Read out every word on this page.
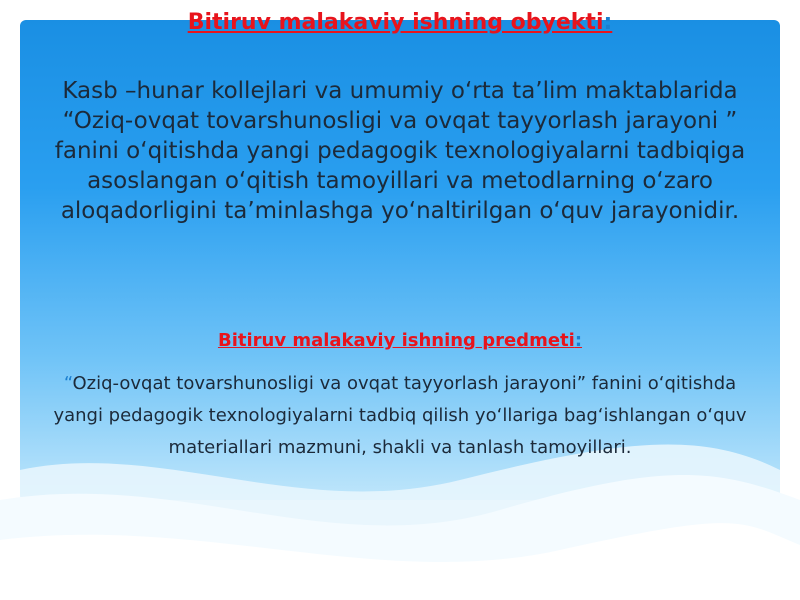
Bitiruv malakaviy ishning obyekti:
Kasb –hunar kollejlari va umumiy o‘rta ta’lim maktablarida “Oziq-ovqat tovarshunosligi va ovqat tayyorlash jarayoni ” fanini o‘qitishda yangi pedagogik texnologiyalarni tadbiqiga asoslangan o‘qitish tamoyillari va metodlarning o‘zaro aloqadorligini ta’minlashga yo‘naltirilgan o‘quv jarayonidir.
Bitiruv malakaviy ishning predmeti:
“Oziq-ovqat tovarshunosligi va ovqat tayyorlash jarayoni” fanini o‘qitishda yangi pedagogik texnologiyalarni tadbiq qilish yo‘llariga bag‘ishlangan o‘quv materiallari mazmuni, shakli va tanlash tamoyillari.
